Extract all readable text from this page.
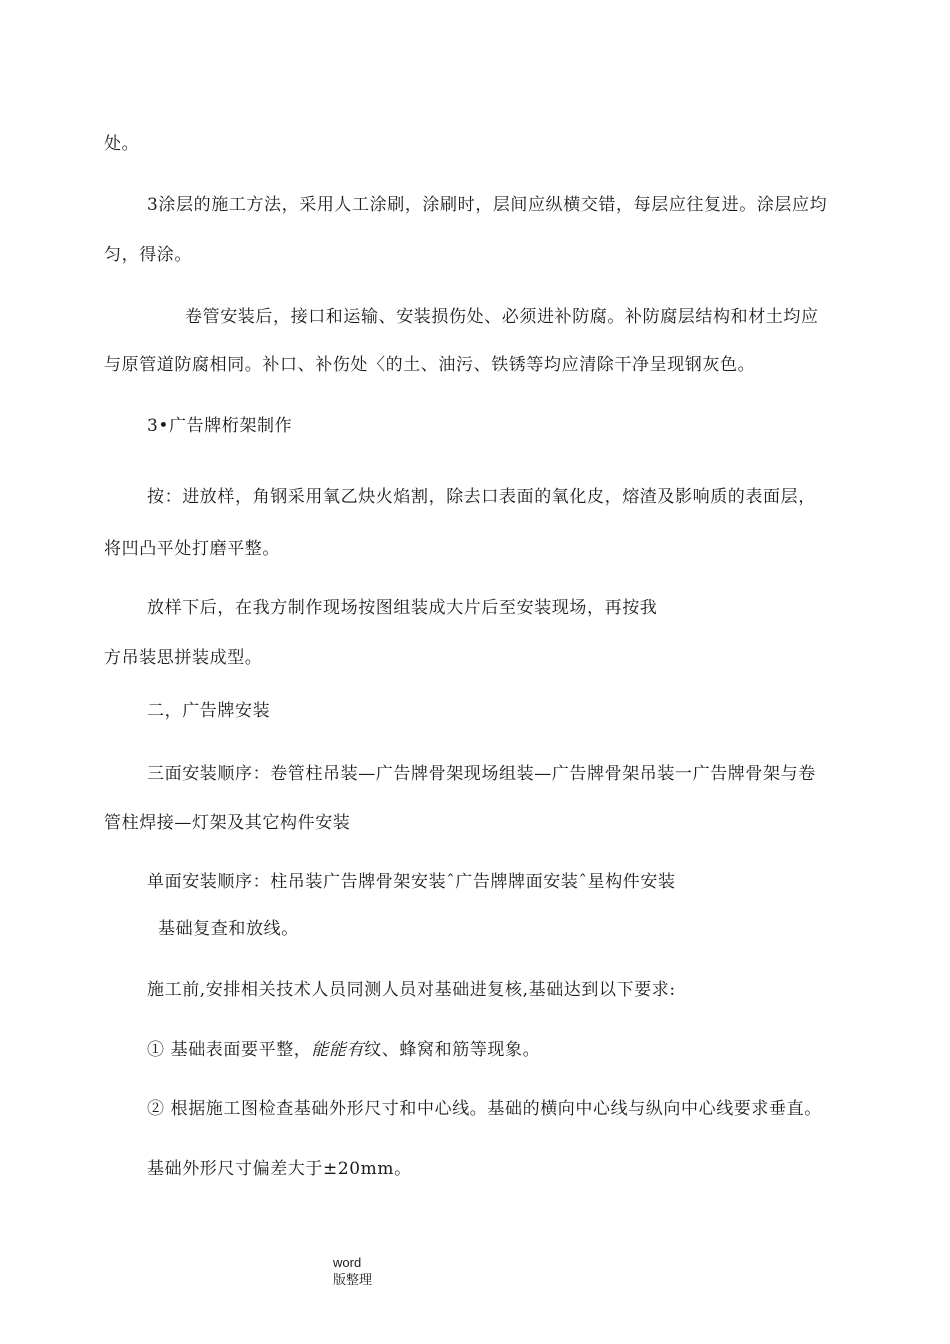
处。
3涂层的施工方法，采用人工涂刷，涂刷时，层间应纵横交错，每层应往复进。涂层应均
匀，得涂。
卷管安装后，接口和运输、安装损伤处、必须进补防腐。补防腐层结构和材土均应
与原管道防腐相同。补口、补伤处〈的土、油污、铁锈等均应清除干净呈现钢灰色。
3•广告牌桁架制作
按：进放样，角钢采用氧乙炔火焰割，除去口表面的氧化皮，熔渣及影响质的表面层，
将凹凸平处打磨平整。
放样下后，在我方制作现场按图组装成大片后至安装现场，再按我
方吊装思拼装成型。
二，广告牌安装
三面安装顺序：卷管柱吊装—广告牌骨架现场组装—广告牌骨架吊装一广告牌骨架与卷
管柱焊接—灯架及其它构件安装
单面安装顺序：柱吊装广告牌骨架安装ˆ广告牌牌面安装ˆ星构件安装
基础复查和放线。
施工前,安排相关技术人员同测人员对基础进复核,基础达到以下要求:
① 基础表面要平整，能能有纹、蜂窝和筋等现象。
② 根据施工图检查基础外形尺寸和中心线。基础的横向中心线与纵向中心线要求垂直。
基础外形尺寸偏差大于±20mm。
word
版整理
